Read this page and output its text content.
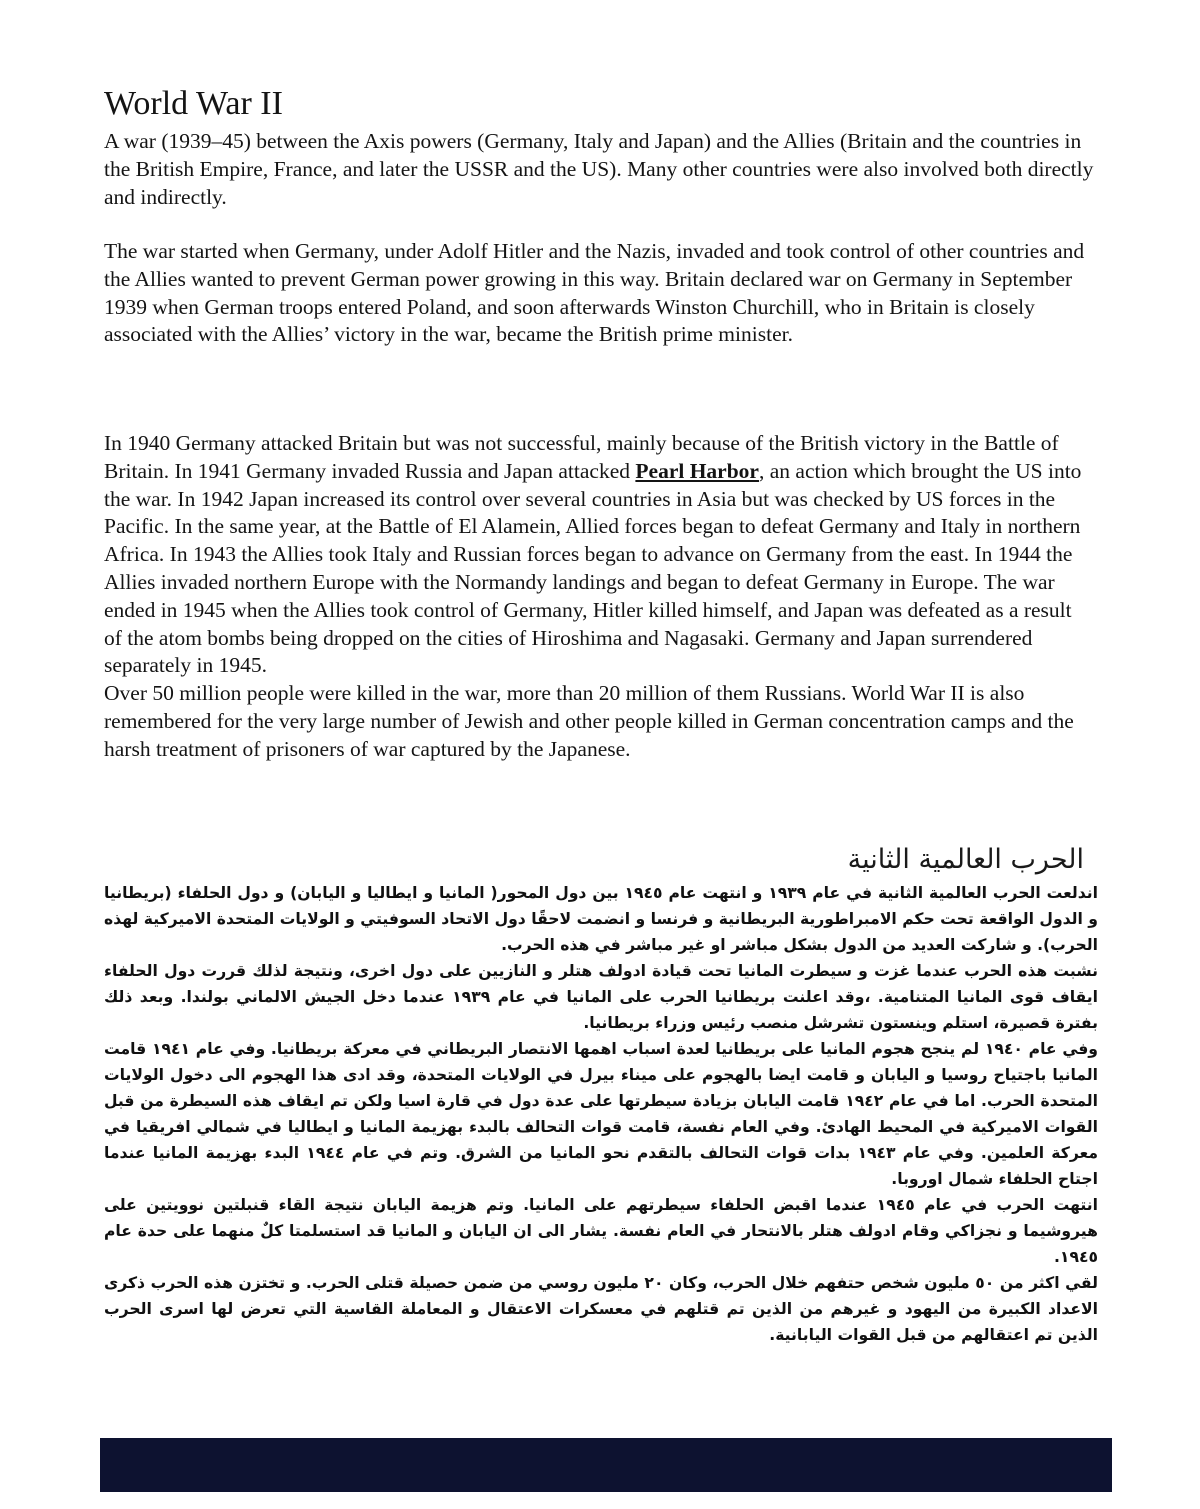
World War II

A war (1939–45) between the Axis powers (Germany, Italy and Japan) and the Allies (Britain and the countries in the British Empire, France, and later the USSR and the US). Many other countries were also involved both directly and indirectly.

The war started when Germany, under Adolf Hitler and the Nazis, invaded and took control of other countries and the Allies wanted to prevent German power growing in this way. Britain declared war on Germany in September 1939 when German troops entered Poland, and soon afterwards Winston Churchill, who in Britain is closely associated with the Allies’ victory in the war, became the British prime minister.

In 1940 Germany attacked Britain but was not successful, mainly because of the British victory in the Battle of Britain. In 1941 Germany invaded Russia and Japan attacked Pearl Harbor, an action which brought the US into the war. In 1942 Japan increased its control over several countries in Asia but was checked by US forces in the Pacific. In the same year, at the Battle of El Alamein, Allied forces began to defeat Germany and Italy in northern Africa. In 1943 the Allies took Italy and Russian forces began to advance on Germany from the east. In 1944 the Allies invaded northern Europe with the Normandy landings and began to defeat Germany in Europe. The war ended in 1945 when the Allies took control of Germany, Hitler killed himself, and Japan was defeated as a result of the atom bombs being dropped on the cities of Hiroshima and Nagasaki. Germany and Japan surrendered separately in 1945.

Over 50 million people were killed in the war, more than 20 million of them Russians. World War II is also remembered for the very large number of Jewish and other people killed in German concentration camps and the harsh treatment of prisoners of war captured by the Japanese.

الحرب العالمية الثانية

اندلعت الحرب العالمية الثانية في عام ١٩٣٩ و انتهت عام ١٩٤٥ بين دول المحور( المانيا و ايطاليا و اليابان) و دول الحلفاء (بريطانيا و الدول الواقعة تحت حكم الامبراطورية البريطانية و فرنسا و انضمت لاحقًا دول الاتحاد السوفيتي و الولايات المتحدة الاميركية لهذه الحرب). و شاركت العديد من الدول بشكل مباشر او غير مباشر في هذه الحرب.

نشبت هذه الحرب عندما غزت و سيطرت المانيا تحت قيادة ادولف هتلر و النازيين على دول اخرى، ونتيجة لذلك قررت دول الحلفاء ايقاف قوى المانيا المتنامية. ،وقد اعلنت بريطانيا الحرب على المانيا في عام ١٩٣٩ عندما دخل الجيش الالماني بولندا. وبعد ذلك بفترة قصيرة، استلم وينستون تشرشل منصب رئيس وزراء بريطانيا.

وفي عام ١٩٤٠ لم ينجح هجوم المانيا على بريطانيا لعدة اسباب اهمها الانتصار البريطاني في معركة بريطانيا. وفي عام ١٩٤١ قامت المانيا باجتياح روسيا و اليابان و قامت ايضا بالهجوم على ميناء بيرل في الولايات المتحدة، وقد ادى هذا الهجوم الى دخول الولايات المتحدة الحرب. اما في عام ١٩٤٢ قامت اليابان بزيادة سيطرتها على عدة دول في قارة اسيا ولكن تم ايقاف هذه السيطرة من قبل القوات الاميركية في المحيط الهادئ. وفي العام نفسة، قامت قوات التحالف بالبدء بهزيمة المانيا و ايطاليا في شمالي افريقيا في معركة العلمين. وفي عام ١٩٤٣ بدات قوات التحالف بالتقدم نحو المانيا من الشرق. وتم في عام ١٩٤٤ البدء بهزيمة المانيا عندما اجتاح الحلفاء شمال اوروبا.

انتهت الحرب في عام ١٩٤٥ عندما اقبض الحلفاء سيطرتهم على المانيا. وتم هزيمة اليابان نتيجة القاء قنبلتين نوويتين على هيروشيما و نجزاكي وقام ادولف هتلر بالانتحار في العام نفسة. يشار الى ان اليابان و المانيا قد استسلمتا كلٌ منهما على حدة عام ١٩٤٥.

لقي اكثر من ٥٠ مليون شخص حتفهم خلال الحرب، وكان ٢٠ مليون روسي من ضمن حصيلة قتلى الحرب. و تختزن هذه الحرب ذكرى الاعداد الكبيرة من اليهود و غيرهم من الذين تم قتلهم في معسكرات الاعتقال و المعاملة القاسية التي تعرض لها اسرى الحرب الذين تم اعتقالهم من قبل القوات اليابانية.
